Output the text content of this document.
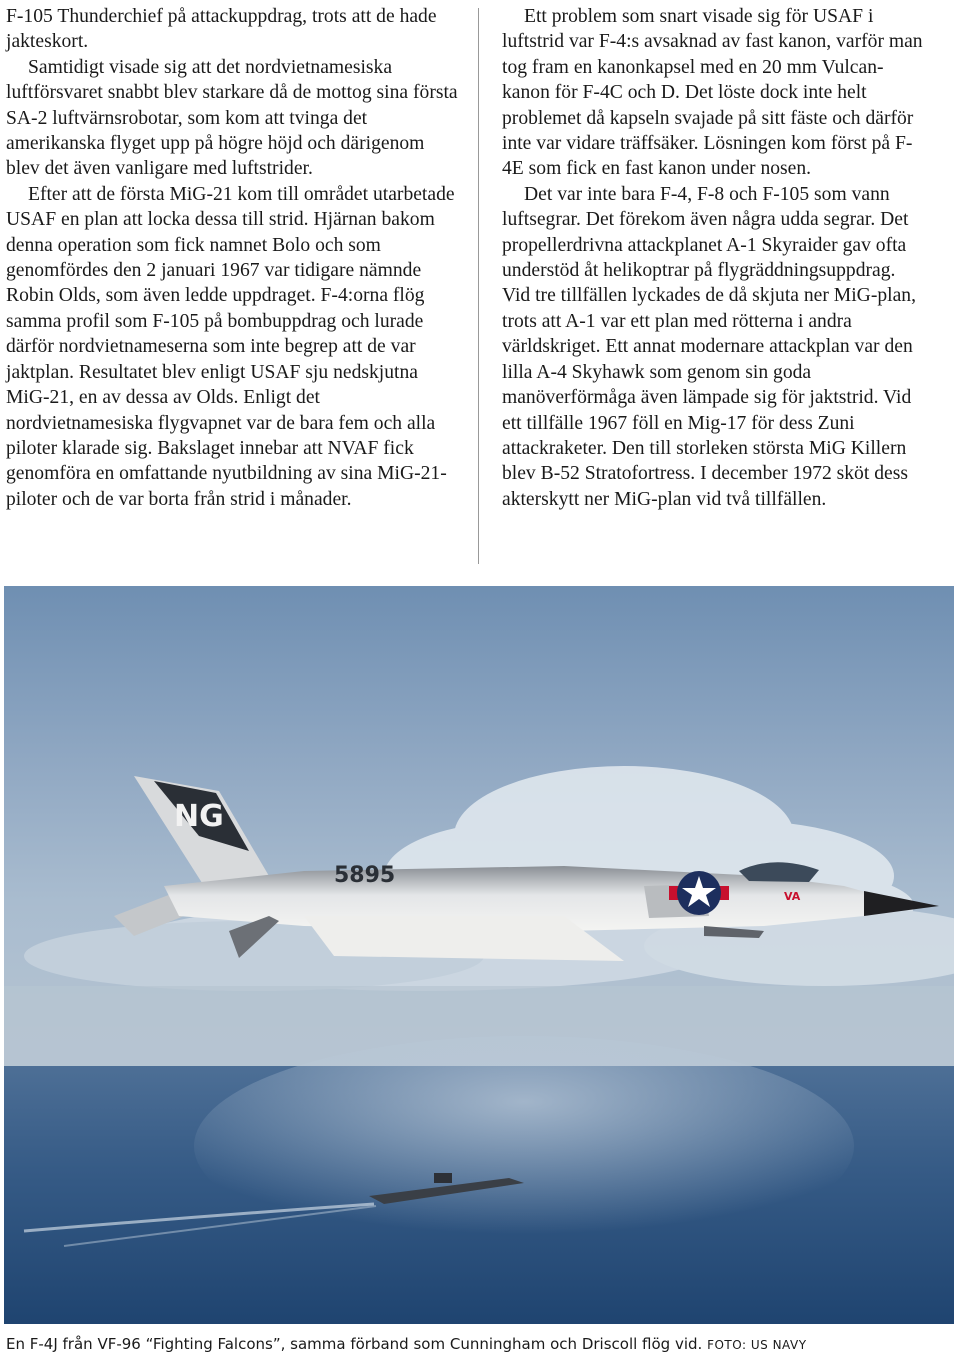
F-105 Thunderchief på attackuppdrag, trots att de hade jakteskort.

Samtidigt visade sig att det nordvietnamesiska luftförsvaret snabbt blev starkare då de mottog sina första SA-2 luftvärnsrobotar, som kom att tvinga det amerikanska flyget upp på högre höjd och därigenom blev det även vanligare med luftstrider.

Efter att de första MiG-21 kom till området utarbetade USAF en plan att locka dessa till strid. Hjärnan bakom denna operation som fick namnet Bolo och som genomfördes den 2 januari 1967 var tidigare nämnde Robin Olds, som även ledde uppdraget. F-4:orna flög samma profil som F-105 på bombuppdrag och lurade därför nordvietnameserna som inte begrep att de var jaktplan. Resultatet blev enligt USAF sju nedskjutna MiG-21, en av dessa av Olds. Enligt det nordvietnamesiska flygvapnet var de bara fem och alla piloter klarade sig. Bakslaget innebar att NVAF fick genomföra en omfattande nyutbildning av sina MiG-21-piloter och de var borta från strid i månader.

Ett problem som snart visade sig för USAF i luftstrid var F-4:s avsaknad av fast kanon, varför man tog fram en kanonkapsel med en 20 mm Vulcan-kanon för F-4C och D. Det löste dock inte helt problemet då kapseln svajade på sitt fäste och därför inte var vidare träffsäker. Lösningen kom först på F-4E som fick en fast kanon under nosen.

Det var inte bara F-4, F-8 och F-105 som vann luftsegrar. Det förekom även några udda segrar. Det propellerdrivna attackplanet A-1 Skyraider gav ofta understöd åt helikoptrar på flygräddningsuppdrag. Vid tre tillfällen lyckades de då skjuta ner MiG-plan, trots att A-1 var ett plan med rötterna i andra världskriget. Ett annat modernare attackplan var den lilla A-4 Skyhawk som genom sin goda manöverförmåga även lämpade sig för jaktstrid. Vid ett tillfälle 1967 föll en Mig-17 för dess Zuni attackraketer. Den till storleken största MiG Killern blev B-52 Stratofortress. I december 1972 sköt dess akterskytt ner MiG-plan vid två tillfällen.

NG
5895
VA
En F-4J från VF-96 “Fighting Falcons”, samma förband som Cunningham och Driscoll flög vid. FOTO: US NAVY
